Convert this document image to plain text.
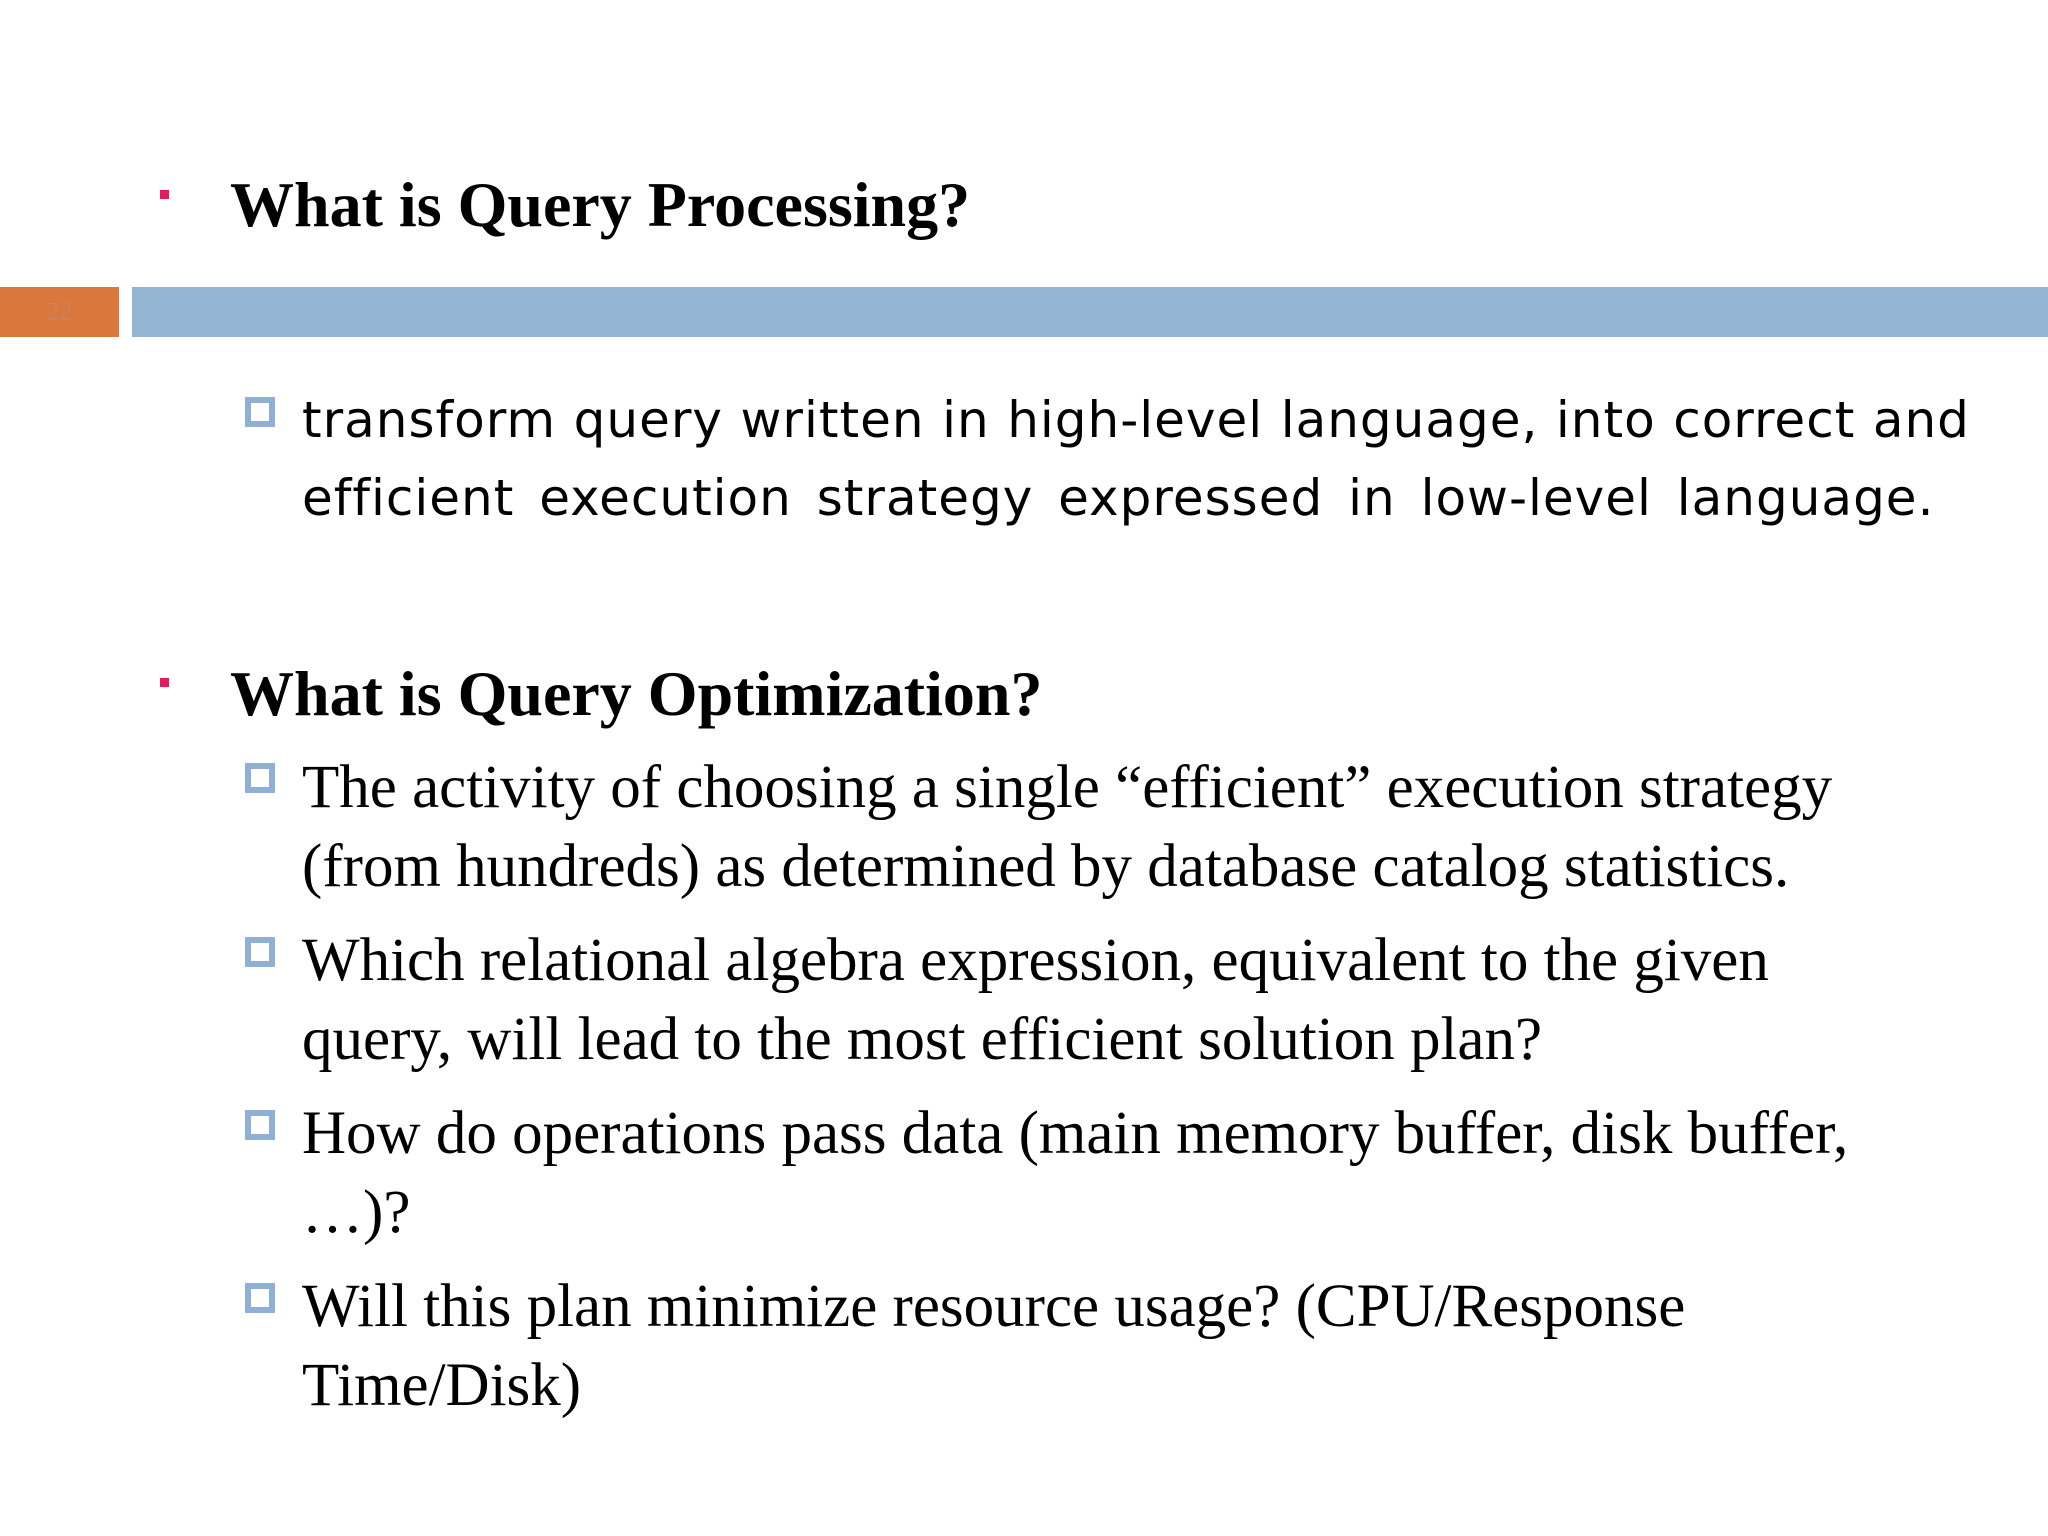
What is Query Processing?
22
transform query written in high-level language, into correct and
efficient execution strategy expressed in low-level language.
What is Query Optimization?
The activity of choosing a single “efficient” execution strategy
(from hundreds) as determined by database catalog statistics.
Which relational algebra expression, equivalent to the given
query, will lead to the most efficient solution plan?
How do operations pass data (main memory buffer, disk buffer,
…)?
Will this plan minimize resource usage? (CPU/Response
Time/Disk)
